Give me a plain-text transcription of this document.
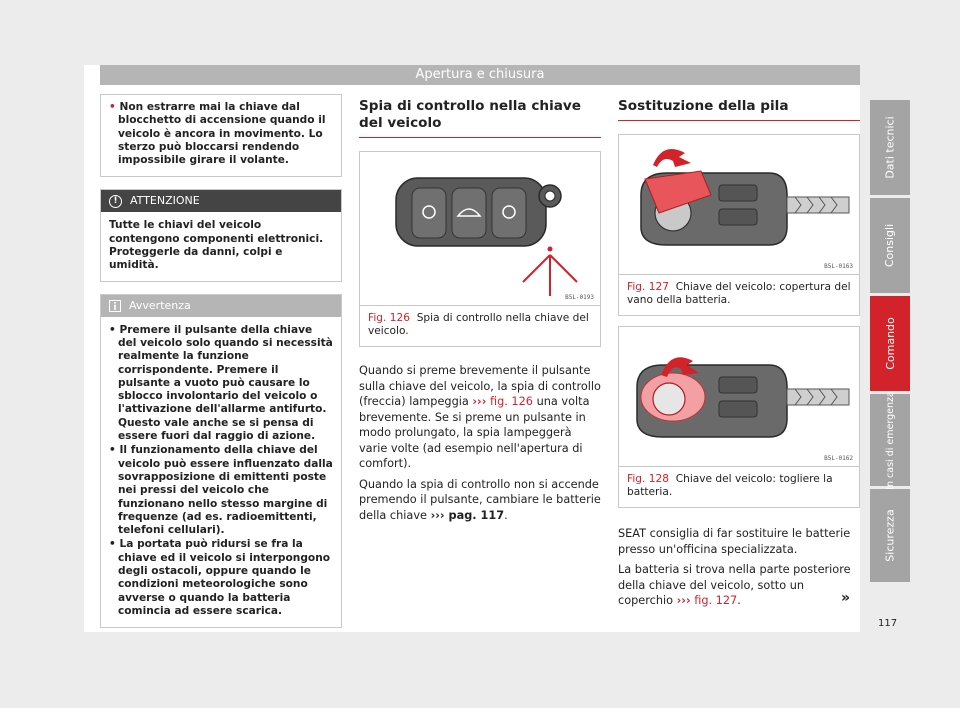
Apertura e chiusura
• Non estrarre mai la chiave dal blocchetto di accensione quando il veicolo è ancora in movimento. Lo sterzo può bloccarsi rendendo impossibile girare il volante.
!	ATTENZIONE
Tutte le chiavi del veicolo contengono componenti elettronici. Proteggerle da danni, colpi e umidità.
Avvertenza
• Premere il pulsante della chiave del veicolo solo quando si necessità realmente la funzione corrispondente. Premere il pulsante a vuoto può causare lo sblocco involontario del veicolo o l'attivazione dell'allarme antifurto. Questo vale anche se si pensa di essere fuori dal raggio di azione.
• Il funzionamento della chiave del veicolo può essere influenzato dalla sovrapposizione di emittenti poste nei pressi del veicolo che funzionano nello stesso margine di frequenze (ad es. radioemittenti, telefoni cellulari).
• La portata può ridursi se fra la chiave ed il veicolo si interpongono degli ostacoli, oppure quando le condizioni meteorologiche sono avverse o quando la batteria comincia ad essere scarica.
Spia di controllo nella chiave del veicolo
B5L-0193
Fig. 126 Spia di controllo nella chiave del veicolo.

Quando si preme brevemente il pulsante sulla chiave del veicolo, la spia di controllo (freccia) lampeggia ››› fig. 126 una volta brevemente. Se si preme un pulsante in modo prolungato, la spia lampeggerà varie volte (ad esempio nell'apertura di comfort).

Quando la spia di controllo non si accende premendo il pulsante, cambiare le batterie della chiave ››› pag. 117.

Sostituzione della pila
B5L-0163
Fig. 127 Chiave del veicolo: copertura del vano della batteria.
B5L-0162
Fig. 128 Chiave del veicolo: togliere la batteria.

SEAT consiglia di far sostituire le batterie presso un'officina specializzata.

La batteria si trova nella parte posteriore della chiave del veicolo, sotto un coperchio ››› fig. 127.	»
Dati tecnici
Consigli
Comando
In casi di emergenza
Sicurezza
117
